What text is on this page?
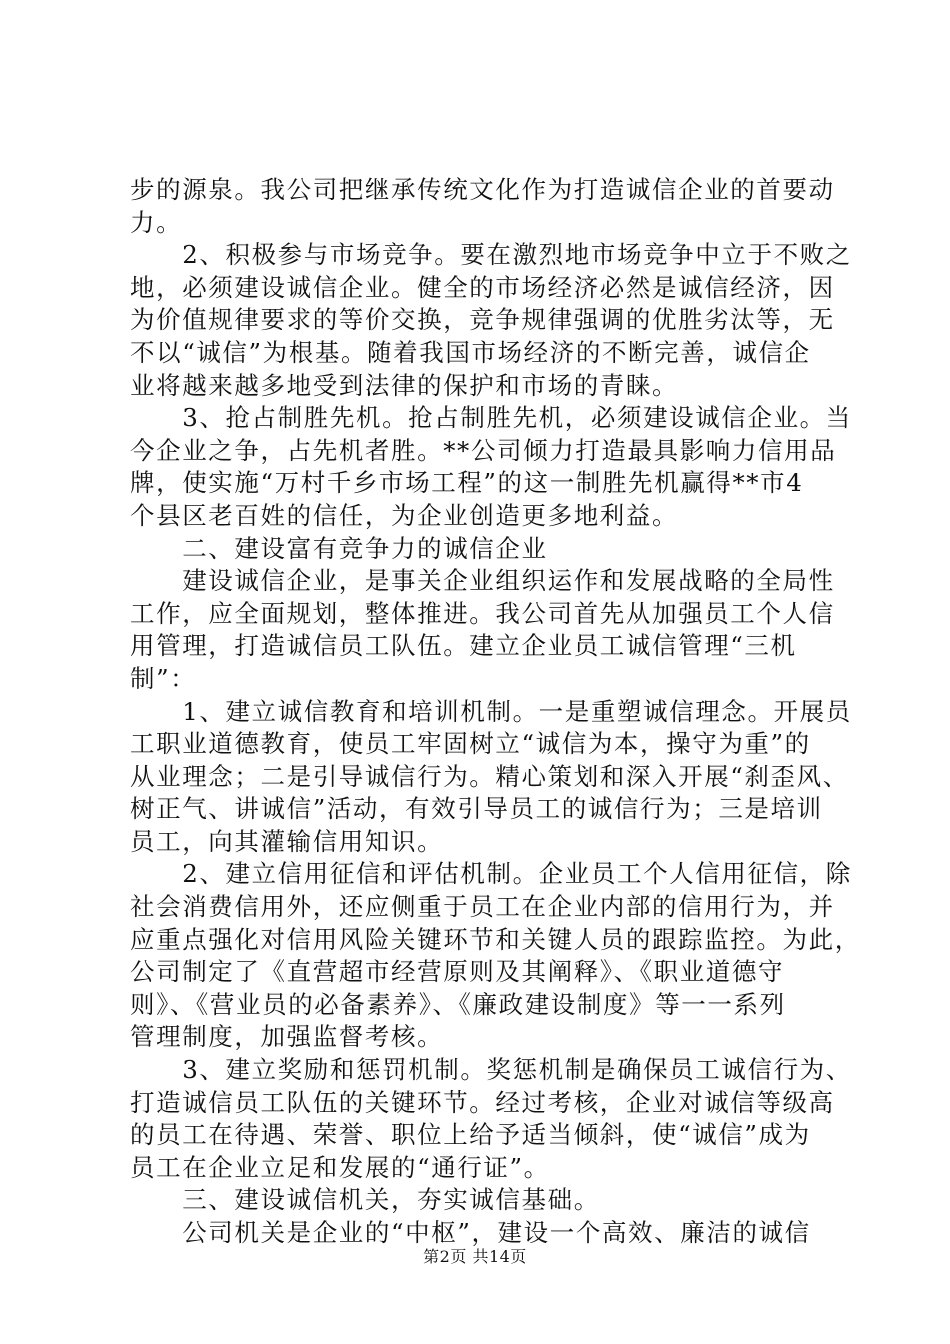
步的源泉。我公司把继承传统文化作为打造诚信企业的首要动
力。
　　2、积极参与市场竞争。要在激烈地市场竞争中立于不败之
地，必须建设诚信企业。健全的市场经济必然是诚信经济，因
为价值规律要求的等价交换，竞争规律强调的优胜劣汰等，无
不以“诚信”为根基。随着我国市场经济的不断完善，诚信企
业将越来越多地受到法律的保护和市场的青睐。
　　3、抢占制胜先机。抢占制胜先机，必须建设诚信企业。当
今企业之争，占先机者胜。**公司倾力打造最具影响力信用品
牌，使实施“万村千乡市场工程”的这一制胜先机赢得**市4
个县区老百姓的信任，为企业创造更多地利益。
　　二、建设富有竞争力的诚信企业
　　建设诚信企业，是事关企业组织运作和发展战略的全局性
工作，应全面规划，整体推进。我公司首先从加强员工个人信
用管理，打造诚信员工队伍。建立企业员工诚信管理“三机
制”：
　　1、建立诚信教育和培训机制。一是重塑诚信理念。开展员
工职业道德教育，使员工牢固树立“诚信为本，操守为重”的
从业理念；二是引导诚信行为。精心策划和深入开展“刹歪风、
树正气、讲诚信”活动，有效引导员工的诚信行为；三是培训
员工，向其灌输信用知识。
　　2、建立信用征信和评估机制。企业员工个人信用征信，除
社会消费信用外，还应侧重于员工在企业内部的信用行为，并
应重点强化对信用风险关键环节和关键人员的跟踪监控。为此，
公司制定了《直营超市经营原则及其阐释》、《职业道德守
则》、《营业员的必备素养》、《廉政建设制度》等一一系列
管理制度，加强监督考核。
　　3、建立奖励和惩罚机制。奖惩机制是确保员工诚信行为、
打造诚信员工队伍的关键环节。经过考核，企业对诚信等级高
的员工在待遇、荣誉、职位上给予适当倾斜，使“诚信”成为
员工在企业立足和发展的“通行证”。
　　三、建设诚信机关，夯实诚信基础。
　　公司机关是企业的“中枢”，建设一个高效、廉洁的诚信
第2页 共14页
